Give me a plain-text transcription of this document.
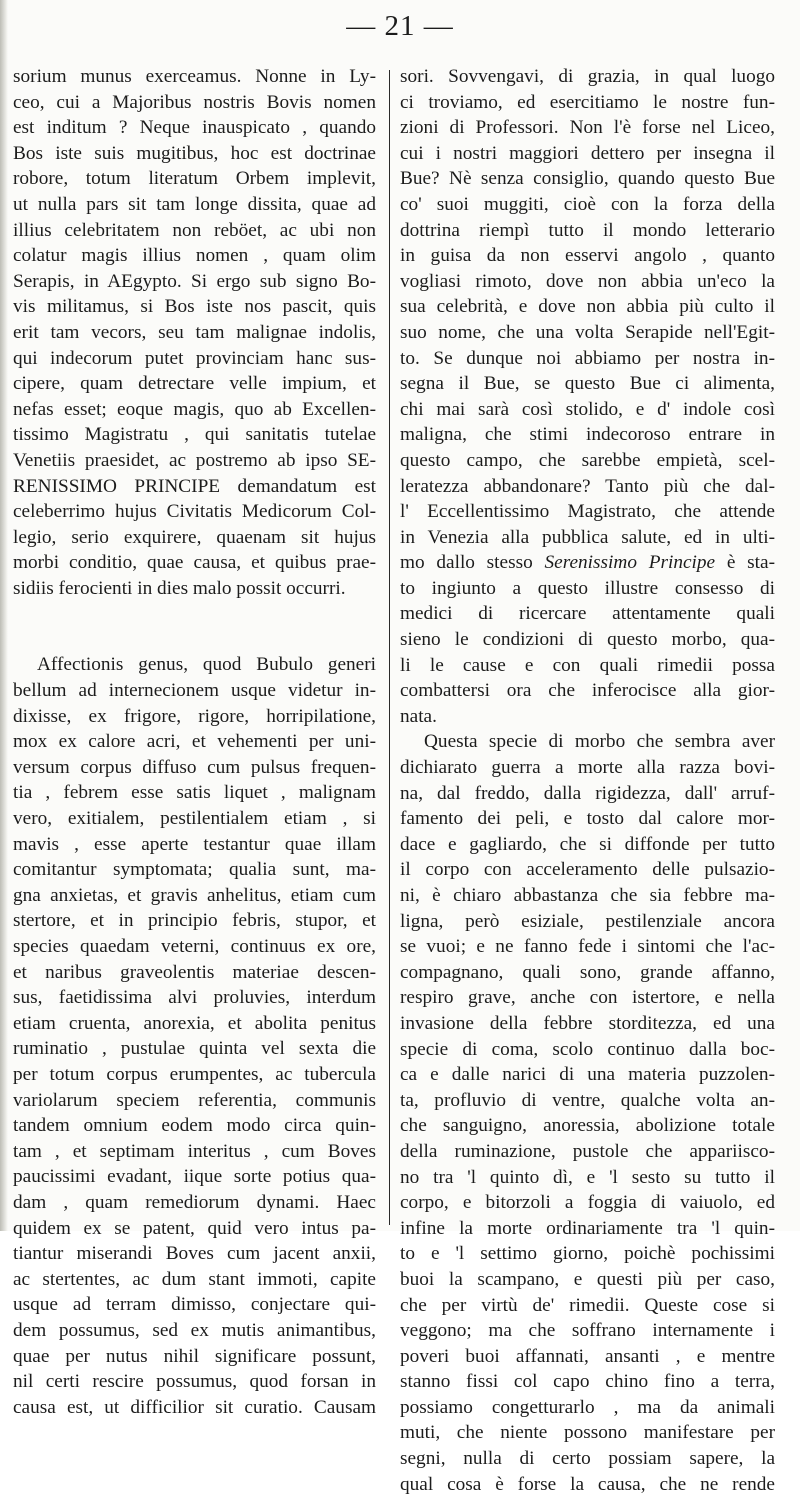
— 21 —
sorium munus exerceamus. Nonne in Ly-
ceo, cui a Majoribus nostris Bovis nomen
est inditum ? Neque inauspicato , quando
Bos iste suis mugitibus, hoc est doctrinae
robore, totum literatum Orbem implevit,
ut nulla pars sit tam longe dissita, quae ad
illius celebritatem non reböet, ac ubi non
colatur magis illius nomen , quam olim
Serapis, in AEgypto. Si ergo sub signo Bo-
vis militamus, si Bos iste nos pascit, quis
erit tam vecors, seu tam malignae indolis,
qui indecorum putet provinciam hanc sus-
cipere, quam detrectare velle impium, et
nefas esset; eoque magis, quo ab Excellen-
tissimo Magistratu , qui sanitatis tutelae
Venetiis praesidet, ac postremo ab ipso SE-
RENISSIMO PRINCIPE demandatum est
celeberrimo hujus Civitatis Medicorum Col-
legio, serio exquirere, quaenam sit hujus
morbi conditio, quae causa, et quibus prae-
sidiis ferocienti in dies malo possit occurri.
Affectionis genus, quod Bubulo generi
bellum ad internecionem usque videtur in-
dixisse, ex frigore, rigore, horripilatione,
mox ex calore acri, et vehementi per uni-
versum corpus diffuso cum pulsus frequen-
tia , febrem esse satis liquet , malignam
vero, exitialem, pestilentialem etiam , si
mavis , esse aperte testantur quae illam
comitantur symptomata; qualia sunt, ma-
gna anxietas, et gravis anhelitus, etiam cum
stertore, et in principio febris, stupor, et
species quaedam veterni, continuus ex ore,
et naribus graveolentis materiae descen-
sus, faetidissima alvi proluvies, interdum
etiam cruenta, anorexia, et abolita penitus
ruminatio , pustulae quinta vel sexta die
per totum corpus erumpentes, ac tubercula
variolarum speciem referentia, communis
tandem omnium eodem modo circa quin-
tam , et septimam interitus , cum Boves
paucissimi evadant, iique sorte potius qua-
dam , quam remediorum dynami. Haec
quidem ex se patent, quid vero intus pa-
tiantur miserandi Boves cum jacent anxii,
ac stertentes, ac dum stant immoti, capite
usque ad terram dimisso, conjectare qui-
dem possumus, sed ex mutis animantibus,
quae per nutus nihil significare possunt,
nil certi rescire possumus, quod forsan in
causa est, ut difficilior sit curatio. Causam
sori. Sovvengavi, di grazia, in qual luogo
ci troviamo, ed esercitiamo le nostre fun-
zioni di Professori. Non l'è forse nel Liceo,
cui i nostri maggiori dettero per insegna il
Bue? Nè senza consiglio, quando questo Bue
co' suoi muggiti, cioè con la forza della
dottrina riempì tutto il mondo letterario
in guisa da non esservi angolo , quanto
vogliasi rimoto, dove non abbia un'eco la
sua celebrità, e dove non abbia più culto il
suo nome, che una volta Serapide nell'Egit-
to. Se dunque noi abbiamo per nostra in-
segna il Bue, se questo Bue ci alimenta,
chi mai sarà così stolido, e d' indole così
maligna, che stimi indecoroso entrare in
questo campo, che sarebbe empietà, scel-
leratezza abbandonare? Tanto più che dal-
l' Eccellentissimo Magistrato, che attende
in Venezia alla pubblica salute, ed in ulti-
mo dallo stesso Serenissimo Principe è sta-
to ingiunto a questo illustre consesso di
medici di ricercare attentamente quali
sieno le condizioni di questo morbo, qua-
li le cause e con quali rimedii possa
combattersi ora che inferocisce alla gior-
nata.
Questa specie di morbo che sembra aver
dichiarato guerra a morte alla razza bovi-
na, dal freddo, dalla rigidezza, dall' arruf-
famento dei peli, e tosto dal calore mor-
dace e gagliardo, che si diffonde per tutto
il corpo con acceleramento delle pulsazio-
ni, è chiaro abbastanza che sia febbre ma-
ligna, però esiziale, pestilenziale ancora
se vuoi; e ne fanno fede i sintomi che l'ac-
compagnano, quali sono, grande affanno,
respiro grave, anche con istertore, e nella
invasione della febbre storditezza, ed una
specie di coma, scolo continuo dalla boc-
ca e dalle narici di una materia puzzolen-
ta, profluvio di ventre, qualche volta an-
che sanguigno, anoressia, abolizione totale
della ruminazione, pustole che appariisco-
no tra 'l quinto dì, e 'l sesto su tutto il
corpo, e bitorzoli a foggia di vaiuolo, ed
infine la morte ordinariamente tra 'l quin-
to e 'l settimo giorno, poichè pochissimi
buoi la scampano, e questi più per caso,
che per virtù de' rimedii. Queste cose si
veggono; ma che soffrano internamente i
poveri buoi affannati, ansanti , e mentre
stanno fissi col capo chino fino a terra,
possiamo congetturarlo , ma da animali
muti, che niente possono manifestare per
segni, nulla di certo possiam sapere, la
qual cosa è forse la causa, che ne rende
